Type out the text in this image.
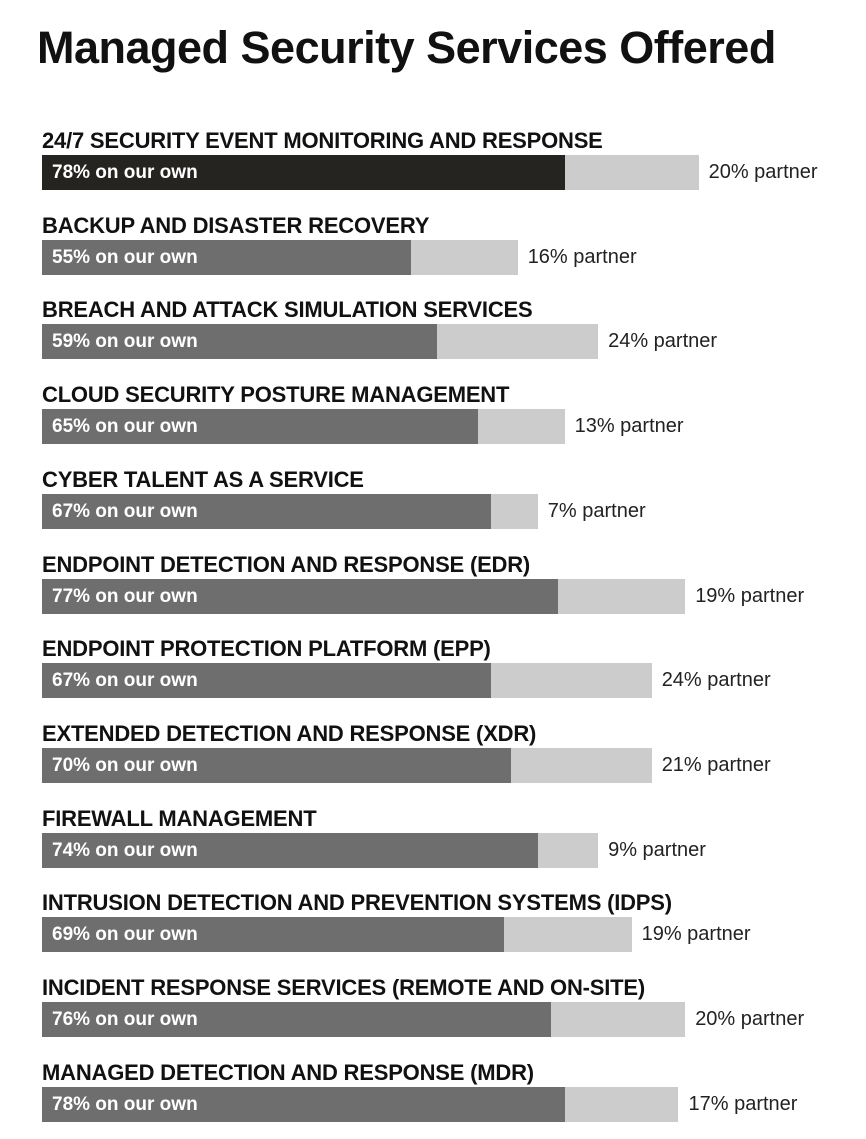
Managed Security Services Offered
24/7 SECURITY EVENT MONITORING AND RESPONSE
78% on our own	20% partner
BACKUP AND DISASTER RECOVERY
55% on our own	16% partner
BREACH AND ATTACK SIMULATION SERVICES
59% on our own	24% partner
CLOUD SECURITY POSTURE MANAGEMENT
65% on our own	13% partner
CYBER TALENT AS A SERVICE
67% on our own	7% partner
ENDPOINT DETECTION AND RESPONSE (EDR)
77% on our own	19% partner
ENDPOINT PROTECTION PLATFORM (EPP)
67% on our own	24% partner
EXTENDED DETECTION AND RESPONSE (XDR)
70% on our own	21% partner
FIREWALL MANAGEMENT
74% on our own	9% partner
INTRUSION DETECTION AND PREVENTION SYSTEMS (IDPS)
69% on our own	19% partner
INCIDENT RESPONSE SERVICES (REMOTE AND ON-SITE)
76% on our own	20% partner
MANAGED DETECTION AND RESPONSE (MDR)
78% on our own	17% partner
